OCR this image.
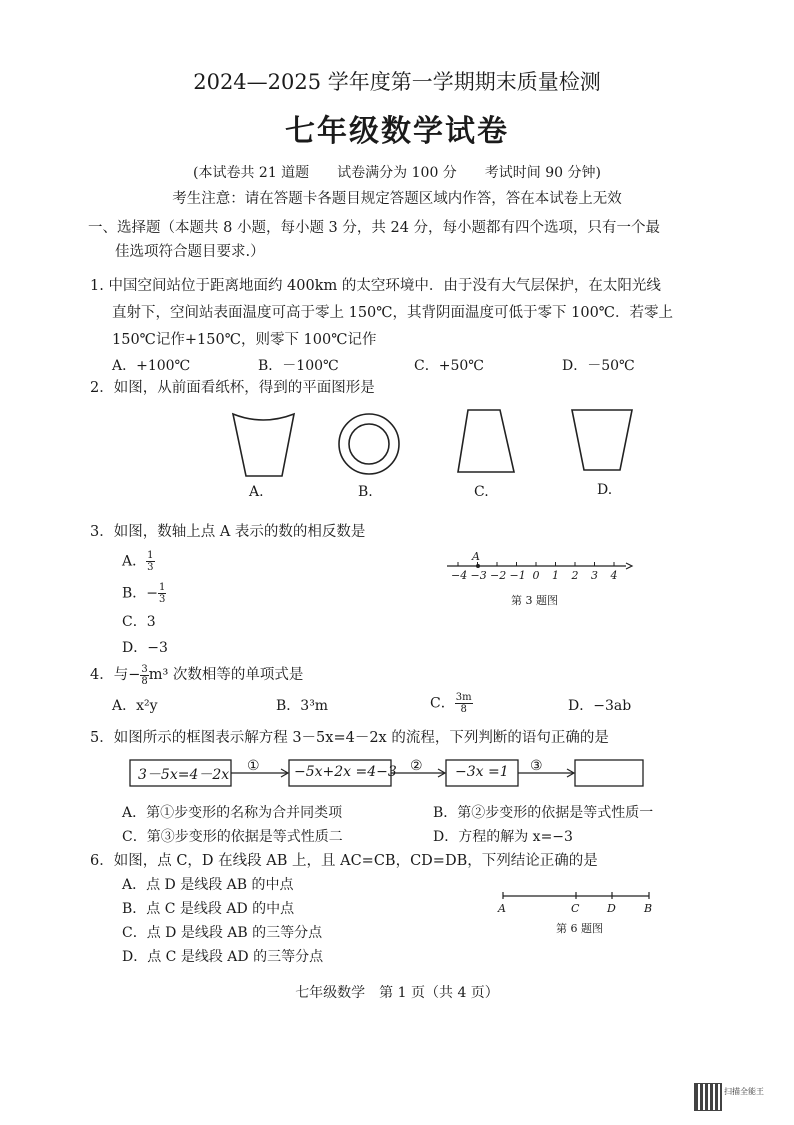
2024—2025 学年度第一学期期末质量检测
七年级数学试卷
(本试卷共 21 道题　　试卷满分为 100 分　　考试时间 90 分钟)
考生注意：请在答题卡各题目规定答题区域内作答，答在本试卷上无效
一、选择题（本题共 8 小题，每小题 3 分，共 24 分，每小题都有四个选项，只有一个最
佳选项符合题目要求.）
1. 中国空间站位于距离地面约 400km 的太空环境中．由于没有大气层保护，在太阳光线
直射下，空间站表面温度可高于零上 150℃，其背阴面温度可低于零下 100℃．若零上
150℃记作+150℃，则零下 100℃记作
A．+100℃	B．－100℃	C．+50℃	D．－50℃
2．如图，从前面看纸杯，得到的平面图形是
A.	B.	C.	D.
3．如图，数轴上点 A 表示的数的相反数是
A． $\frac{1}{3}$
B．− $\frac{1}{3}$
C．3
D．−3
A
−4 −3 −2 −1 0	1	2	3	4
第 3 题图
4．与− $\frac{3}{8} m^3$ 次数相等的单项式是
A．x²y	B．3³m	C． $\frac{3m}{8}$	D．−3ab
5．如图所示的框图表示解方程 3－5x=4－2x 的流程，下列判断的语句正确的是
3－5x=4－2x	−5x+2x =4−3	−3x =1
①	②	③
A．第①步变形的名称为合并同类项	B．第②步变形的依据是等式性质一
C．第③步变形的依据是等式性质二	D．方程的解为 x=−3
6．如图，点 C，D 在线段 AB 上，且 AC=CB，CD=DB，下列结论正确的是
A．点 D 是线段 AB 的中点
B．点 C 是线段 AD 的中点
C．点 D 是线段 AB 的三等分点
D．点 C 是线段 AD 的三等分点
A	C	D	B
第 6 题图
七年级数学　第 1 页（共 4 页）
扫描全能王
